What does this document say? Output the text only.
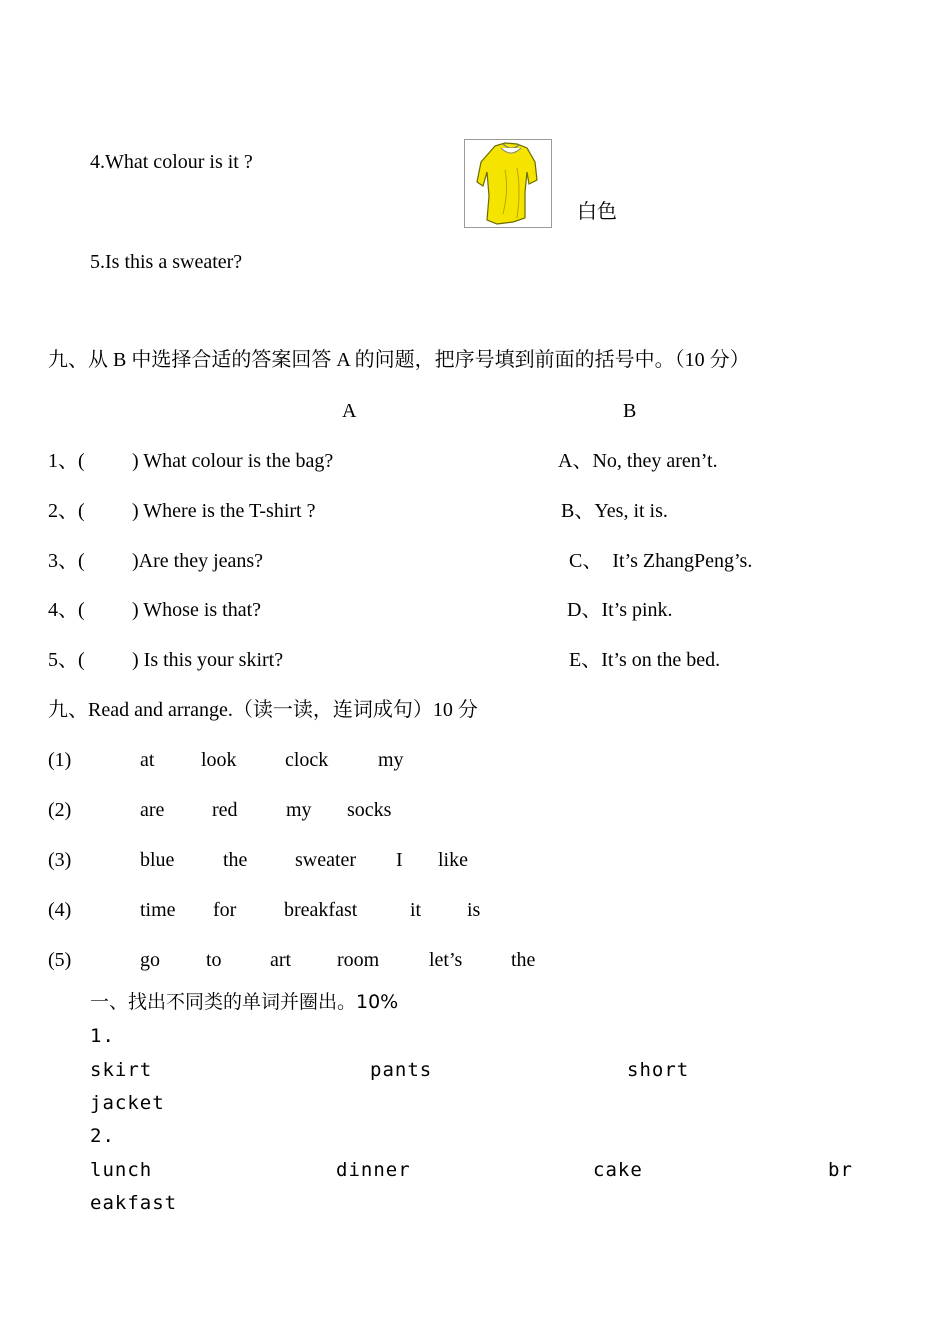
4.What colour is it ?
白色
5.Is this a sweater?
九、从 B 中选择合适的答案回答 A 的问题，把序号填到前面的括号中。（10 分）
A	B
1、( ) What colour is the bag?	A、No, they aren’t.
2、( ) Where is the T-shirt ?	B、Yes, it is.
3、( )Are they jeans?	C、  It’s ZhangPeng’s.
4、( ) Whose is that?	D、It’s pink.
5、( ) Is this your skirt?	E、It’s on the bed.
九、Read and arrange.（读一读，连词成句）10 分
(1)	at look clock my
(2)	are red my socks
(3)	blue the sweater I like
(4)	time for breakfast	it is
(5)	go to art room let’s the
一、找出不同类的单词并圈出。10%
1.
skirt	pants	short
jacket
2.
lunch	dinner	cake	br
eakfast
